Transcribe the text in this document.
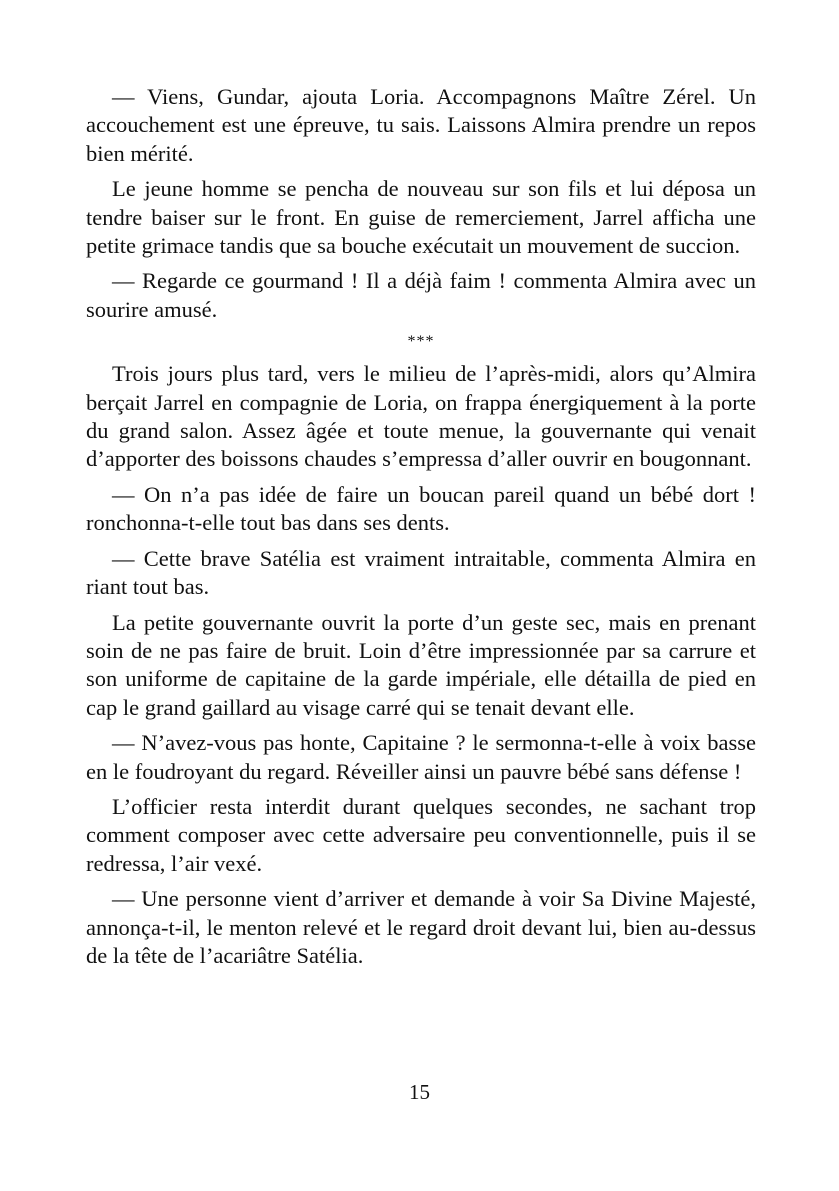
— Viens, Gundar, ajouta Loria. Accompagnons Maître Zérel. Un accouchement est une épreuve, tu sais. Laissons Almira prendre un repos bien mérité.

Le jeune homme se pencha de nouveau sur son fils et lui déposa un tendre baiser sur le front. En guise de remerciement, Jarrel afficha une petite grimace tandis que sa bouche exécutait un mouvement de succion.

— Regarde ce gourmand ! Il a déjà faim ! commenta Almira avec un sourire amusé.

***

Trois jours plus tard, vers le milieu de l’après-midi, alors qu’Almira berçait Jarrel en compagnie de Loria, on frappa énergiquement à la porte du grand salon. Assez âgée et toute menue, la gouvernante qui venait d’apporter des boissons chaudes s’empressa d’aller ouvrir en bougonnant.

— On n’a pas idée de faire un boucan pareil quand un bébé dort ! ronchonna-t-elle tout bas dans ses dents.

— Cette brave Satélia est vraiment intraitable, commenta Almira en riant tout bas.

La petite gouvernante ouvrit la porte d’un geste sec, mais en prenant soin de ne pas faire de bruit. Loin d’être impressionnée par sa carrure et son uniforme de capitaine de la garde impériale, elle détailla de pied en cap le grand gaillard au visage carré qui se tenait devant elle.

— N’avez-vous pas honte, Capitaine ? le sermonna-t-elle à voix basse en le foudroyant du regard. Réveiller ainsi un pauvre bébé sans défense !

L’officier resta interdit durant quelques secondes, ne sachant trop comment composer avec cette adversaire peu conventionnelle, puis il se redressa, l’air vexé.

— Une personne vient d’arriver et demande à voir Sa Divine Majesté, annonça-t-il, le menton relevé et le regard droit devant lui, bien au-dessus de la tête de l’acariâtre Satélia.

15
